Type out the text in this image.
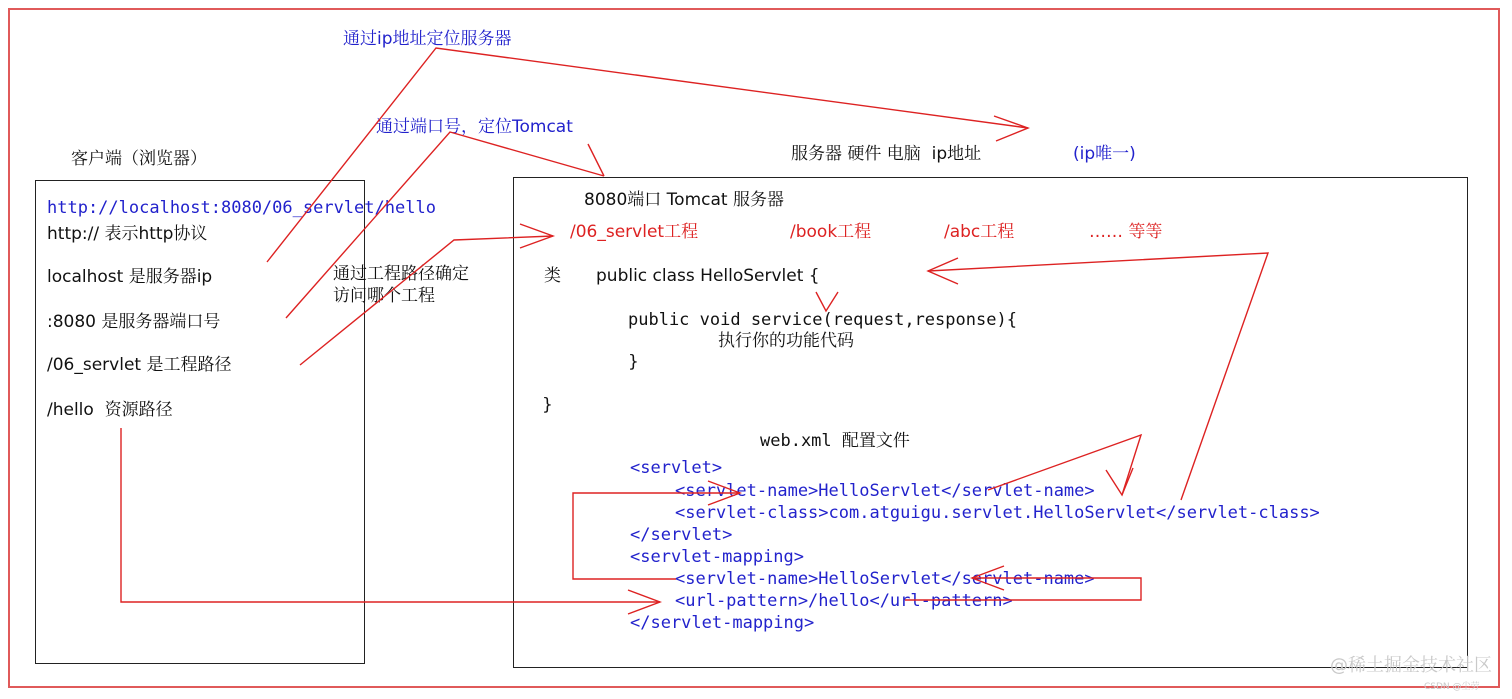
通过ip地址定位服务器
通过端口号，定位Tomcat
通过工程路径确定
访问哪个工程
客户端（浏览器）
http://localhost:8080/06_servlet/hello
http:// 表示http协议
localhost 是服务器ip
:8080 是服务器端口号
/06_servlet 是工程路径
/hello  资源路径
服务器 硬件 电脑  ip地址	(ip唯一)
8080端口 Tomcat 服务器
/06_servlet工程	/book工程	/abc工程	…… 等等
类 public class HelloServlet {
public void service(request,response){
执行你的功能代码
}
}
web.xml 配置文件
<servlet>
<servlet-name>HelloServlet</servlet-name>
<servlet-class>com.atguigu.servlet.HelloServlet</servlet-class>
</servlet>
<servlet-mapping>
<servlet-name>HelloServlet</servlet-name>
<url-pattern>/hello</url-pattern>
</servlet-mapping>
@稀土掘金技术社区
CSDN @尘劳
